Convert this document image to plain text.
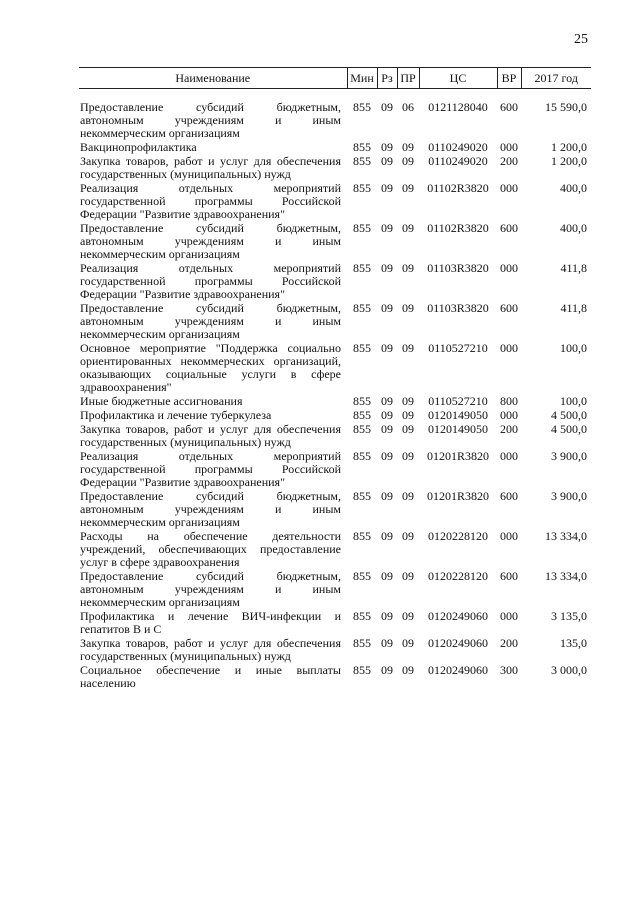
25
Наименование	Мин	Рз	ПР	ЦС	ВР	2017 год
Предоставление субсидий бюджетным, автономным учреждениям и иным некоммерческим организациям	855	09	06	0121128040	600	15 590,0
Вакцинопрофилактика	855	09	09	0110249020	000	1 200,0
Закупка товаров, работ и услуг для обеспечения государственных (муниципальных) нужд	855	09	09	0110249020	200	1 200,0
Реализация отдельных мероприятий государственной программы Российской Федерации "Развитие здравоохранения"	855	09	09	01102R3820	000	400,0
Предоставление субсидий бюджетным, автономным учреждениям и иным некоммерческим организациям	855	09	09	01102R3820	600	400,0
Реализация отдельных мероприятий государственной программы Российской Федерации "Развитие здравоохранения"	855	09	09	01103R3820	000	411,8
Предоставление субсидий бюджетным, автономным учреждениям и иным некоммерческим организациям	855	09	09	01103R3820	600	411,8
Основное мероприятие "Поддержка социально ориентированных некоммерческих организаций, оказывающих социальные услуги в сфере здравоохранения"	855	09	09	0110527210	000	100,0
Иные бюджетные ассигнования	855	09	09	0110527210	800	100,0
Профилактика и лечение туберкулеза	855	09	09	0120149050	000	4 500,0
Закупка товаров, работ и услуг для обеспечения государственных (муниципальных) нужд	855	09	09	0120149050	200	4 500,0
Реализация отдельных мероприятий государственной программы Российской Федерации "Развитие здравоохранения"	855	09	09	01201R3820	000	3 900,0
Предоставление субсидий бюджетным, автономным учреждениям и иным некоммерческим организациям	855	09	09	01201R3820	600	3 900,0
Расходы на обеспечение деятельности учреждений, обеспечивающих предоставление услуг в сфере здравоохранения	855	09	09	0120228120	000	13 334,0
Предоставление субсидий бюджетным, автономным учреждениям и иным некоммерческим организациям	855	09	09	0120228120	600	13 334,0
Профилактика и лечение ВИЧ-инфекции и гепатитов В и С	855	09	09	0120249060	000	3 135,0
Закупка товаров, работ и услуг для обеспечения государственных (муниципальных) нужд	855	09	09	0120249060	200	135,0
Социальное обеспечение и иные выплаты населению	855	09	09	0120249060	300	3 000,0
